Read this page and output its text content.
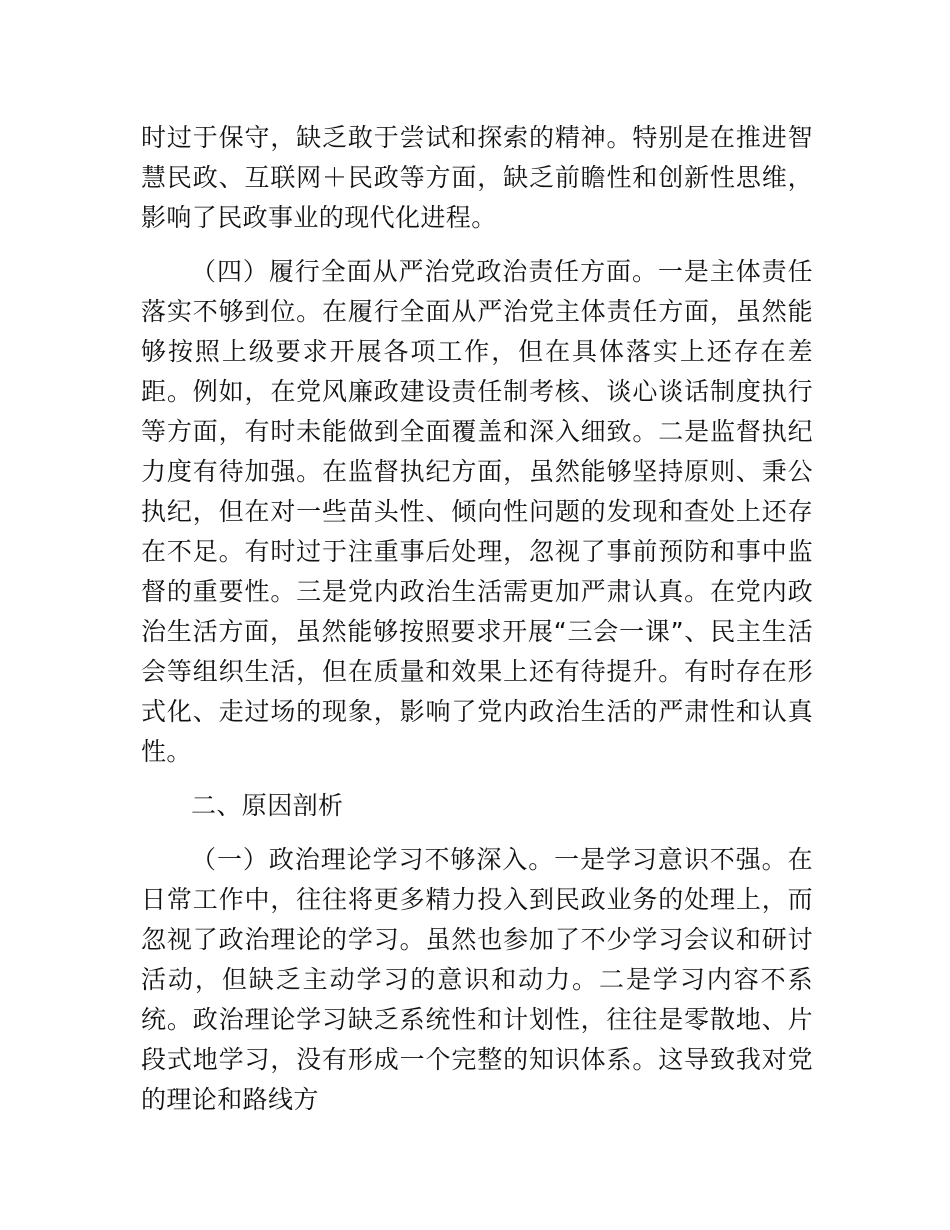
时过于保守，缺乏敢于尝试和探索的精神。特别是在推进智慧民政、互联网＋民政等方面，缺乏前瞻性和创新性思维，影响了民政事业的现代化进程。

（四）履行全面从严治党政治责任方面。一是主体责任落实不够到位。在履行全面从严治党主体责任方面，虽然能够按照上级要求开展各项工作，但在具体落实上还存在差距。例如，在党风廉政建设责任制考核、谈心谈话制度执行等方面，有时未能做到全面覆盖和深入细致。二是监督执纪力度有待加强。在监督执纪方面，虽然能够坚持原则、秉公执纪，但在对一些苗头性、倾向性问题的发现和查处上还存在不足。有时过于注重事后处理，忽视了事前预防和事中监督的重要性。三是党内政治生活需更加严肃认真。在党内政治生活方面，虽然能够按照要求开展“三会一课”、民主生活会等组织生活，但在质量和效果上还有待提升。有时存在形式化、走过场的现象，影响了党内政治生活的严肃性和认真性。

二、原因剖析

（一）政治理论学习不够深入。一是学习意识不强。在日常工作中，往往将更多精力投入到民政业务的处理上，而忽视了政治理论的学习。虽然也参加了不少学习会议和研讨活动，但缺乏主动学习的意识和动力。二是学习内容不系统。政治理论学习缺乏系统性和计划性，往往是零散地、片段式地学习，没有形成一个完整的知识体系。这导致我对党的理论和路线方
